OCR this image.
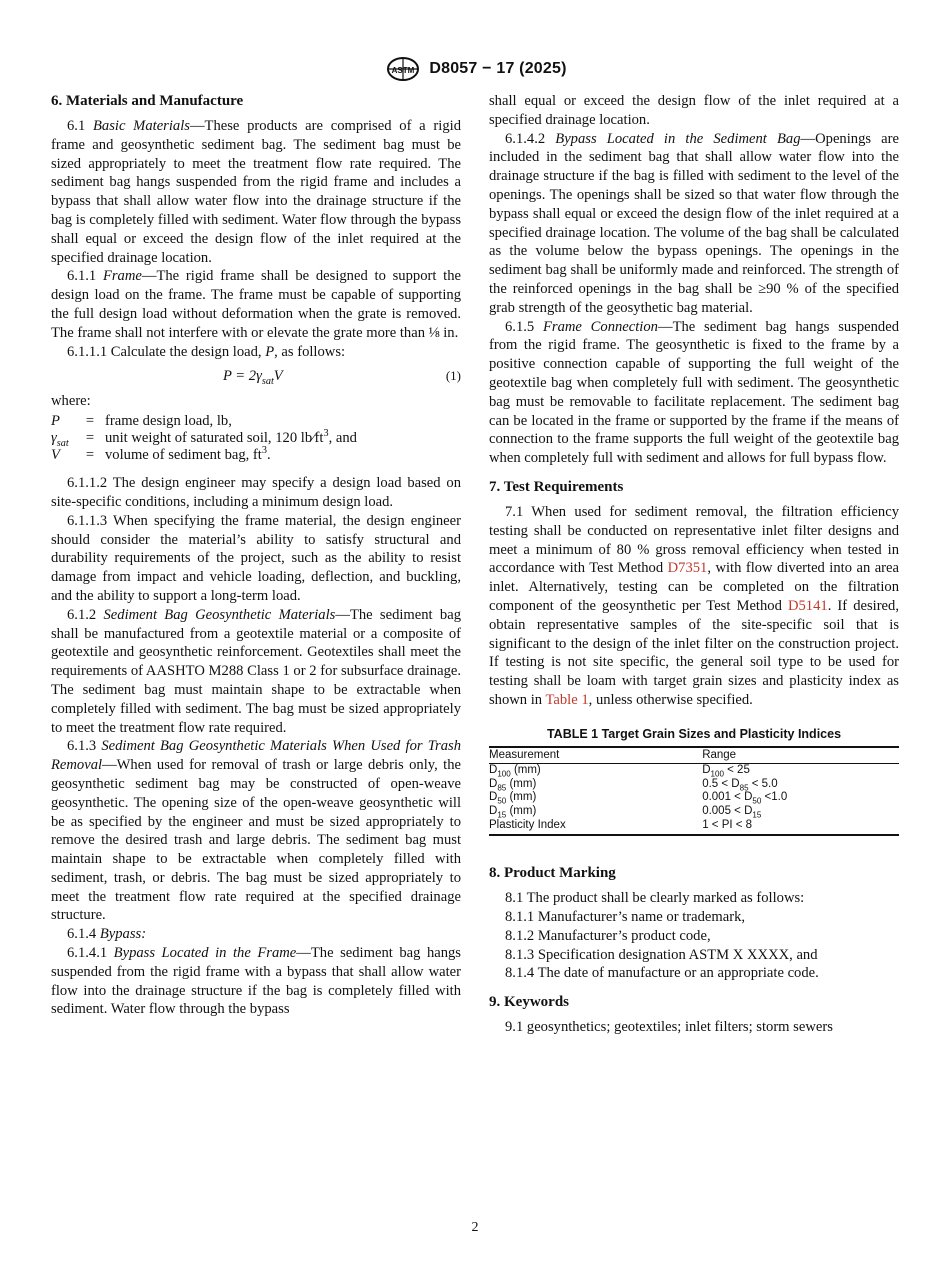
ASTM D8057 − 17 (2025)
6. Materials and Manufacture

6.1 Basic Materials—These products are comprised of a rigid frame and geosynthetic sediment bag. The sediment bag must be sized appropriately to meet the treatment flow rate required. The sediment bag hangs suspended from the rigid frame and includes a bypass that shall allow water flow into the drainage structure if the bag is completely filled with sediment. Water flow through the bypass shall equal or exceed the design flow of the inlet required at the specified drainage location.

6.1.1 Frame—The rigid frame shall be designed to support the design load on the frame. The frame must be capable of supporting the full design load without deformation when the grate is removed. The frame shall not interfere with or elevate the grate more than ⅛ in.

6.1.1.1 Calculate the design load, P, as follows:

$P = 2\gamma_{sat}V$	(1)

where:

P	= frame design load, lb,
$\gamma_{sat}$	= unit weight of saturated soil, 120 $lb⁄ft^3$, and
V	= volume of sediment bag, $ft^3$.

6.1.1.2 The design engineer may specify a design load based on site-specific conditions, including a minimum design load.

6.1.1.3 When specifying the frame material, the design engineer should consider the material’s ability to satisfy structural and durability requirements of the project, such as the ability to resist damage from impact and vehicle loading, deflection, and buckling, and the ability to support a long-term load.

6.1.2 Sediment Bag Geosynthetic Materials—The sediment bag shall be manufactured from a geotextile material or a composite of geotextile and geosynthetic reinforcement. Geotextiles shall meet the requirements of AASHTO M288 Class 1 or 2 for subsurface drainage. The sediment bag must maintain shape to be extractable when completely filled with sediment. The bag must be sized appropriately to meet the treatment flow rate required.

6.1.3 Sediment Bag Geosynthetic Materials When Used for Trash Removal—When used for removal of trash or large debris only, the geosynthetic sediment bag may be constructed of open-weave geosynthetic. The opening size of the open-weave geosynthetic will be as specified by the engineer and must be sized appropriately to remove the desired trash and large debris. The sediment bag must maintain shape to be extractable when completely filled with sediment, trash, or debris. The bag must be sized appropriately to meet the treatment flow rate required at the specified drainage structure.

6.1.4 Bypass:

6.1.4.1 Bypass Located in the Frame—The sediment bag hangs suspended from the rigid frame with a bypass that shall allow water flow into the drainage structure if the bag is completely filled with sediment. Water flow through the bypass

shall equal or exceed the design flow of the inlet required at a specified drainage location.

6.1.4.2 Bypass Located in the Sediment Bag—Openings are included in the sediment bag that shall allow water flow into the drainage structure if the bag is filled with sediment to the level of the openings. The openings shall be sized so that water flow through the bypass shall equal or exceed the design flow of the inlet required at a specified drainage location. The volume of the bag shall be calculated as the volume below the bypass openings. The openings in the sediment bag shall be uniformly made and reinforced. The strength of the reinforced openings in the bag shall be ≥90 % of the specified grab strength of the geosythetic bag material.

6.1.5 Frame Connection—The sediment bag hangs suspended from the rigid frame. The geosynthetic is fixed to the frame by a positive connection capable of supporting the full weight of the geotextile bag when completely full with sediment. The geosynthetic bag must be removable to facilitate replacement. The sediment bag can be located in the frame or supported by the frame if the means of connection to the frame supports the full weight of the geotextile bag when completely full with sediment and allows for full bypass flow.

7. Test Requirements

7.1 When used for sediment removal, the filtration efficiency testing shall be conducted on representative inlet filter designs and meet a minimum of 80 % gross removal efficiency when tested in accordance with Test Method D7351, with flow diverted into an area inlet. Alternatively, testing can be completed on the filtration component of the geosynthetic per Test Method D5141. If desired, obtain representative samples of the site-specific soil that is significant to the design of the inlet filter on the construction project. If testing is not site specific, the general soil type to be used for testing shall be loam with target grain sizes and plasticity index as shown in Table 1, unless otherwise specified.

TABLE 1 Target Grain Sizes and Plasticity Indices
Measurement	Range
$D_{100}$ (mm)	$D_{100} < 25$
$D_{85}$ (mm)	$0.5 < D_{85} < 5.0$
$D_{50}$ (mm)	$0.001 < D_{50} <1.0$
$D_{15}$ (mm)	$0.005 < D_{15}$
Plasticity Index	1 < PI < 8
8. Product Marking

8.1 The product shall be clearly marked as follows:

8.1.1 Manufacturer’s name or trademark,

8.1.2 Manufacturer’s product code,

8.1.3 Specification designation ASTM X XXXX, and

8.1.4 The date of manufacture or an appropriate code.

9. Keywords

9.1 geosynthetics; geotextiles; inlet filters; storm sewers

2
